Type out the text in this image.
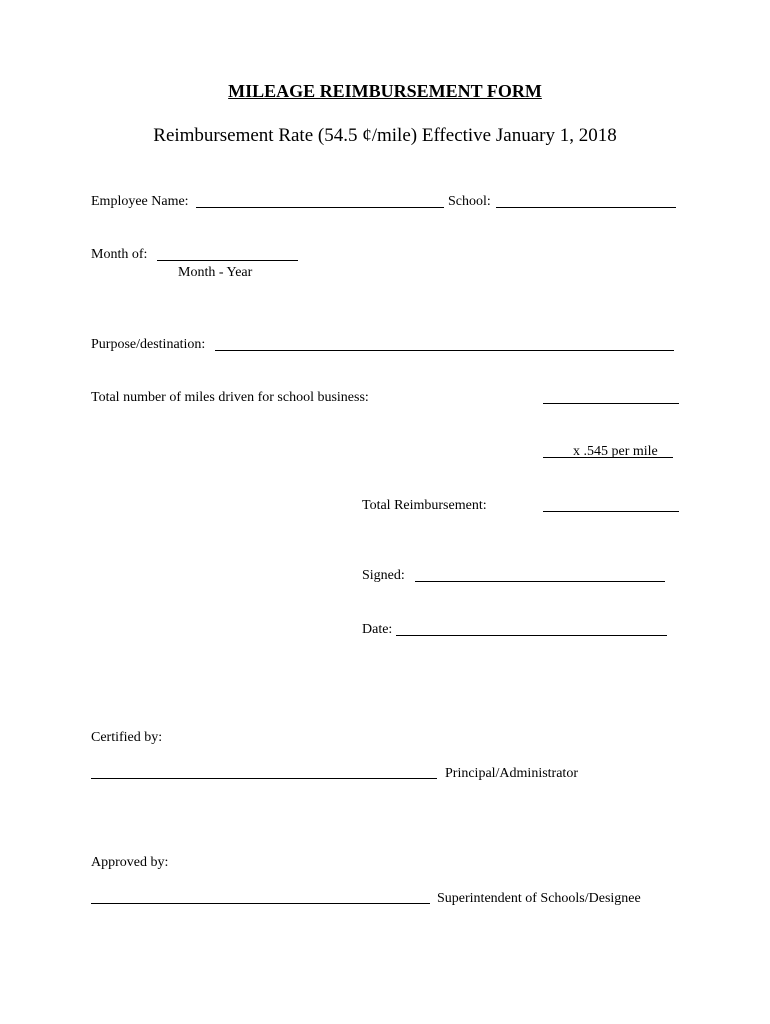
MILEAGE REIMBURSEMENT FORM
Reimbursement Rate (54.5 ¢/mile) Effective January 1, 2018
Employee Name:	School:
Month of:
Month - Year
Purpose/destination:
Total number of miles driven for school business:
x .545 per mile
Total Reimbursement:
Signed:
Date:
Certified by:
Principal/Administrator
Approved by:
Superintendent of Schools/Designee
